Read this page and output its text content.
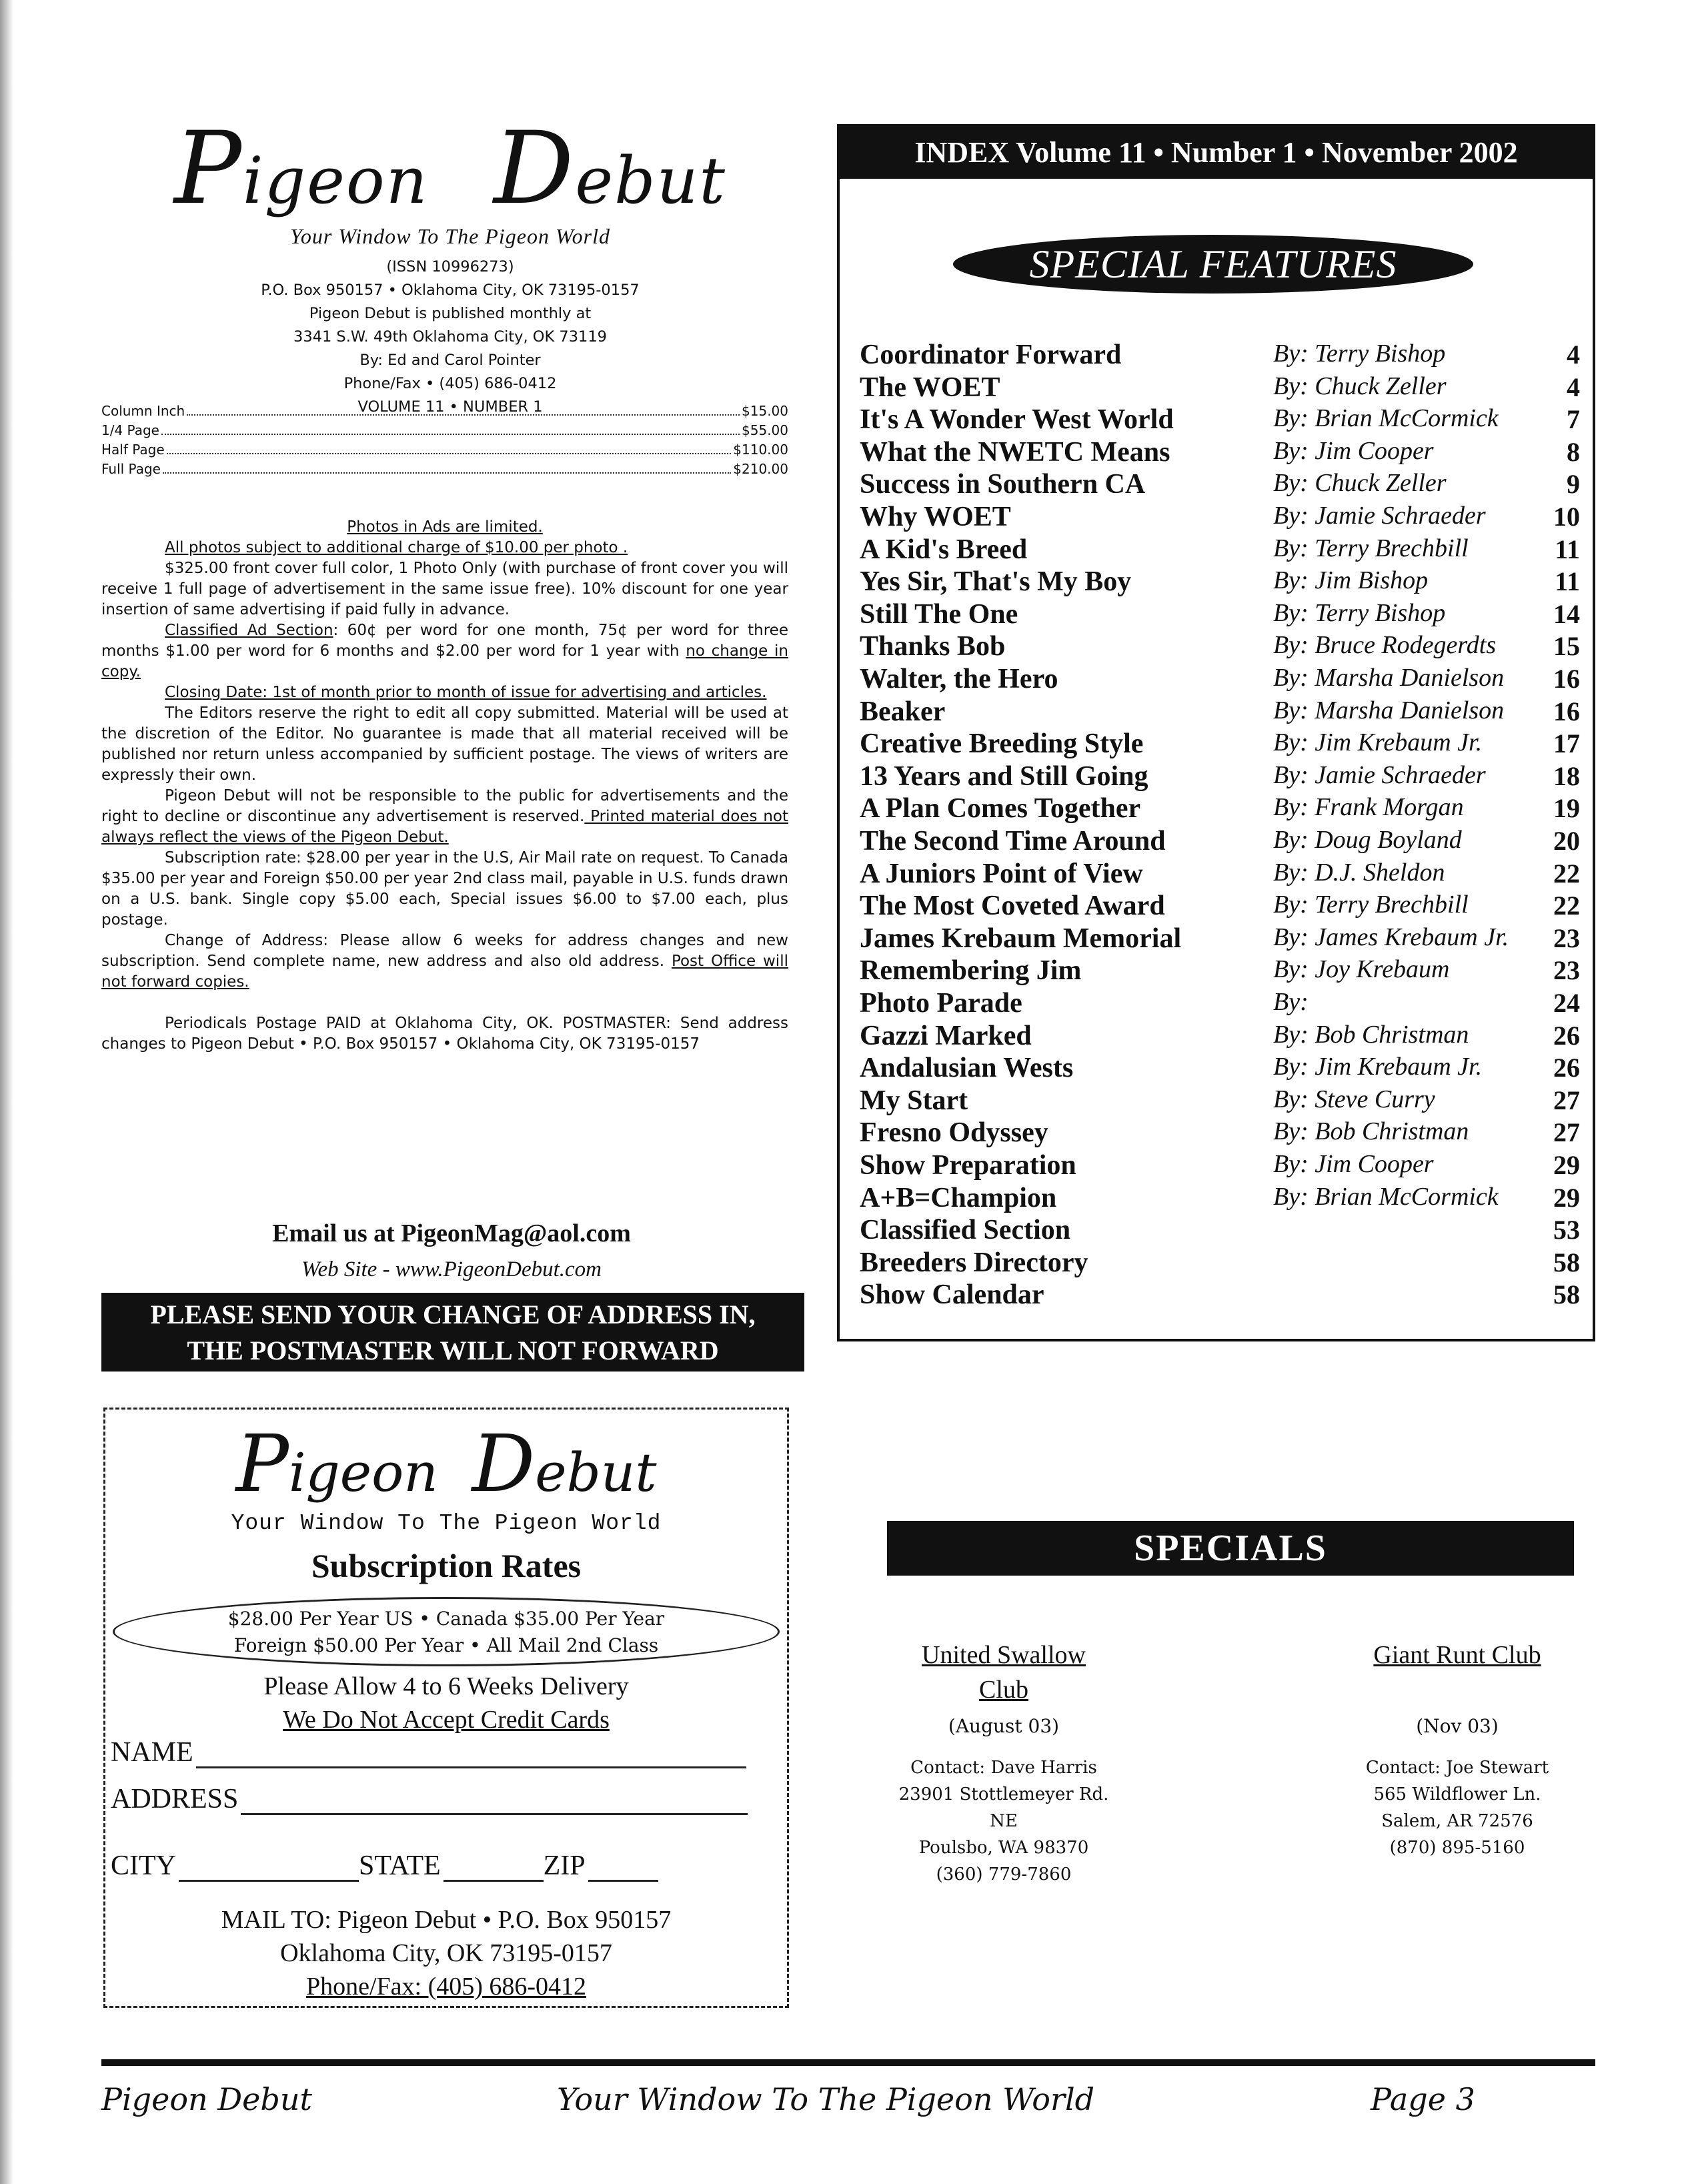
Pigeon Debut
Your Window To The Pigeon World
(ISSN 10996273)
P.O. Box 950157 • Oklahoma City, OK 73195-0157
Pigeon Debut is published monthly at
3341 S.W. 49th Oklahoma City, OK 73119
By: Ed and Carol Pointer
Phone/Fax • (405) 686-0412
VOLUME 11 • NUMBER 1
Column Inch	$15.00
1/4 Page	$55.00
Half Page	$110.00
Full Page	$210.00

Photos in Ads are limited.

All photos subject to additional charge of $10.00 per photo .

$325.00 front cover full color, 1 Photo Only (with purchase of front cover you will receive 1 full page of advertisement in the same issue free). 10% discount for one year insertion of same advertising if paid fully in advance.

Classified Ad Section: 60¢ per word for one month, 75¢ per word for three months $1.00 per word for 6 months and $2.00 per word for 1 year with no change in copy.

Closing Date: 1st of month prior to month of issue for advertising and articles.

The Editors reserve the right to edit all copy submitted. Material will be used at the discretion of the Editor. No guarantee is made that all material received will be published nor return unless accompanied by sufficient postage. The views of writers are expressly their own.

Pigeon Debut will not be responsible to the public for advertisements and the right to decline or discontinue any advertisement is reserved. Printed material does not always reflect the views of the Pigeon Debut.

Subscription rate: $28.00 per year in the U.S, Air Mail rate on request. To Canada $35.00 per year and Foreign $50.00 per year 2nd class mail, payable in U.S. funds drawn on a U.S. bank. Single copy $5.00 each, Special issues $6.00 to $7.00 each, plus postage.

Change of Address: Please allow 6 weeks for address changes and new subscription. Send complete name, new address and also old address. Post Office will not forward copies.

Periodicals Postage PAID at Oklahoma City, OK. POSTMASTER: Send address changes to Pigeon Debut • P.O. Box 950157 • Oklahoma City, OK 73195-0157

Email us at PigeonMag@aol.com
Web Site - www.PigeonDebut.com
PLEASE SEND YOUR CHANGE OF ADDRESS IN,
THE POSTMASTER WILL NOT FORWARD
Pigeon Debut
Your Window To The Pigeon World
Subscription Rates
$28.00 Per Year US • Canada $35.00 Per Year
Foreign $50.00 Per Year • All Mail 2nd Class
Please Allow 4 to 6 Weeks Delivery
We Do Not Accept Credit Cards
NAME
ADDRESS
CITY	STATE	ZIP
MAIL TO: Pigeon Debut • P.O. Box 950157
Oklahoma City, OK 73195-0157
Phone/Fax: (405) 686-0412
INDEX Volume 11 • Number 1 • November 2002
SPECIAL FEATURES
Coordinator Forward	By: Terry Bishop	4
The WOET	By: Chuck Zeller	4
It's A Wonder West World	By: Brian McCormick	7
What the NWETC Means	By: Jim Cooper	8
Success in Southern CA	By: Chuck Zeller	9
Why WOET	By: Jamie Schraeder	10
A Kid's Breed	By: Terry Brechbill	11
Yes Sir, That's My Boy	By: Jim Bishop	11
Still The One	By: Terry Bishop	14
Thanks Bob	By: Bruce Rodegerdts	15
Walter, the Hero	By: Marsha Danielson	16
Beaker	By: Marsha Danielson	16
Creative Breeding Style	By: Jim Krebaum Jr.	17
13 Years and Still Going	By: Jamie Schraeder	18
A Plan Comes Together	By: Frank Morgan	19
The Second Time Around	By: Doug Boyland	20
A Juniors Point of View	By: D.J. Sheldon	22
The Most Coveted Award	By: Terry Brechbill	22
James Krebaum Memorial	By: James Krebaum Jr.	23
Remembering Jim	By: Joy Krebaum	23
Photo Parade	By:	24
Gazzi Marked	By: Bob Christman	26
Andalusian Wests	By: Jim Krebaum Jr.	26
My Start	By: Steve Curry	27
Fresno Odyssey	By: Bob Christman	27
Show Preparation	By: Jim Cooper	29
A+B=Champion	By: Brian McCormick	29
Classified Section	53
Breeders Directory	58
Show Calendar	58
SPECIALS
United Swallow
Club
(August 03)
Contact: Dave Harris
23901 Stottlemeyer Rd. NE
Poulsbo, WA 98370
(360) 779-7860
Giant Runt Club
(Nov 03)
Contact: Joe Stewart
565 Wildflower Ln.
Salem, AR 72576
(870) 895-5160
Pigeon Debut	Your Window To The Pigeon World	Page 3
